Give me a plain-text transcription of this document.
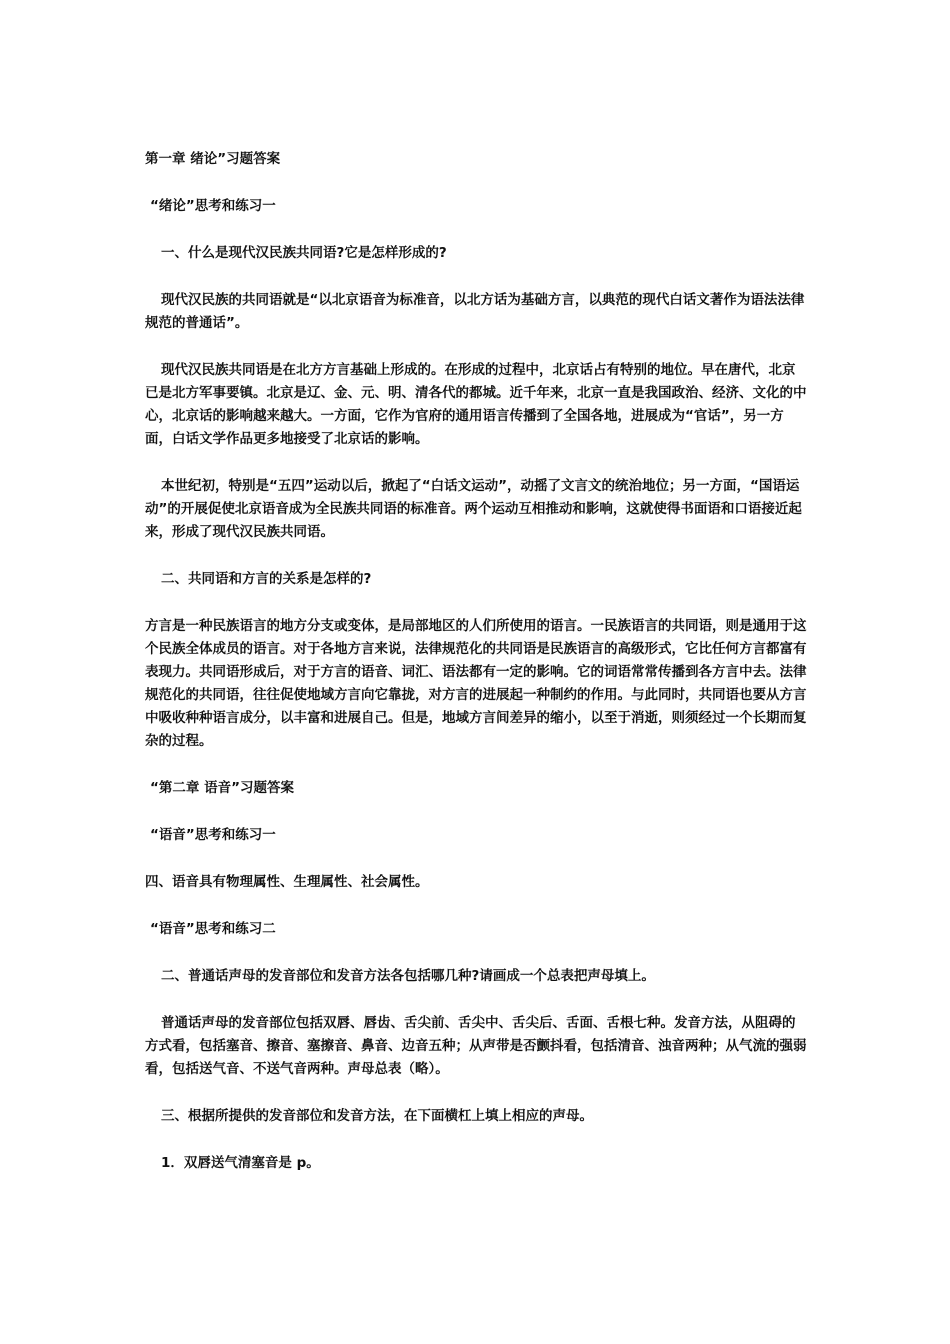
第一章 绪论”习题答案

“绪论”思考和练习一

一、什么是现代汉民族共同语?它是怎样形成的?

现代汉民族的共同语就是“以北京语音为标准音，以北方话为基础方言，以典范的现代白话文著作为语法法律规范的普通话”。

现代汉民族共同语是在北方方言基础上形成的。在形成的过程中，北京话占有特别的地位。早在唐代，北京已是北方军事要镇。北京是辽、金、元、明、清各代的都城。近千年来，北京一直是我国政治、经济、文化的中心，北京话的影响越来越大。一方面，它作为官府的通用语言传播到了全国各地，进展成为“官话”，另一方面，白话文学作品更多地接受了北京话的影响。

本世纪初，特别是“五四”运动以后，掀起了“白话文运动”，动摇了文言文的统治地位；另一方面，“国语运动”的开展促使北京语音成为全民族共同语的标准音。两个运动互相推动和影响，这就使得书面语和口语接近起来，形成了现代汉民族共同语。

二、共同语和方言的关系是怎样的?

方言是一种民族语言的地方分支或变体，是局部地区的人们所使用的语言。一民族语言的共同语，则是通用于这个民族全体成员的语言。对于各地方言来说，法律规范化的共同语是民族语言的高级形式，它比任何方言都富有表现力。共同语形成后，对于方言的语音、词汇、语法都有一定的影响。它的词语常常传播到各方言中去。法律规范化的共同语，往往促使地域方言向它靠拢，对方言的进展起一种制约的作用。与此同时，共同语也要从方言中吸收种种语言成分，以丰富和进展自己。但是，地域方言间差异的缩小，以至于消逝，则须经过一个长期而复杂的过程。

“第二章 语音”习题答案

“语音”思考和练习一

四、语音具有物理属性、生理属性、社会属性。

“语音”思考和练习二

二、普通话声母的发音部位和发音方法各包括哪几种?请画成一个总表把声母填上。

普通话声母的发音部位包括双唇、唇齿、舌尖前、舌尖中、舌尖后、舌面、舌根七种。发音方法，从阻碍的方式看，包括塞音、擦音、塞擦音、鼻音、边音五种；从声带是否颤抖看，包括清音、浊音两种；从气流的强弱看，包括送气音、不送气音两种。声母总表（略）。

三、根据所提供的发音部位和发音方法，在下面横杠上填上相应的声母。

1．双唇送气清塞音是 p。
